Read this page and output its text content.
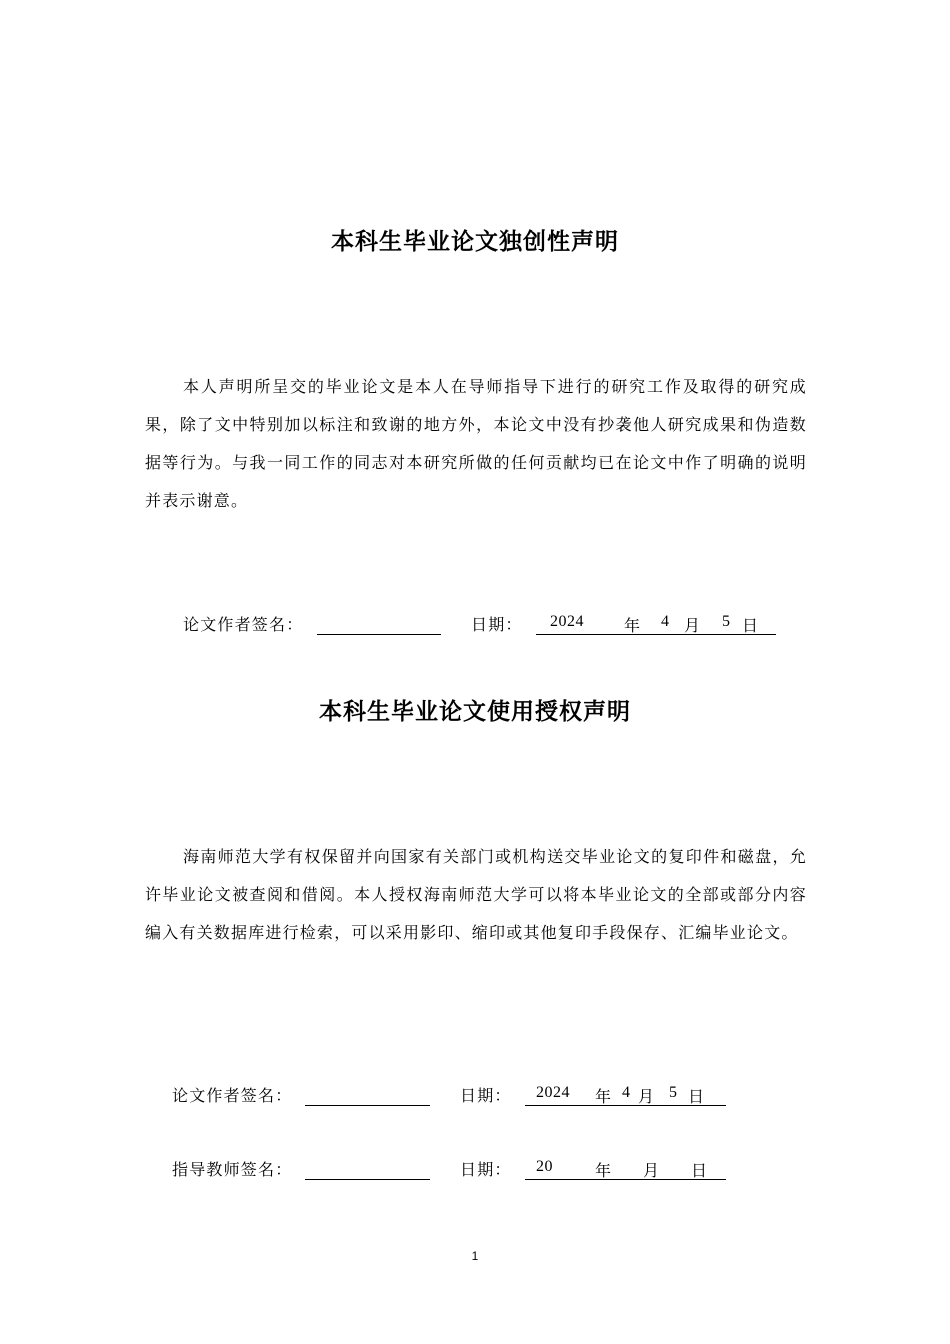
本科生毕业论文独创性声明

本人声明所呈交的毕业论文是本人在导师指导下进行的研究工作及取得的研究成果，除了文中特别加以标注和致谢的地方外，本论文中没有抄袭他人研究成果和伪造数据等行为。与我一同工作的同志对本研究所做的任何贡献均已在论文中作了明确的说明并表示谢意。

论文作者签名：	日期： 2024	年 4 月 5 日
本科生毕业论文使用授权声明

海南师范大学有权保留并向国家有关部门或机构送交毕业论文的复印件和磁盘，允许毕业论文被查阅和借阅。本人授权海南师范大学可以将本毕业论文的全部或部分内容编入有关数据库进行检索，可以采用影印、缩印或其他复印手段保存、汇编毕业论文。

论文作者签名：	日期： 2024 年 4 月 5 日
指导教师签名：	日期： 20	年 月 日
1
